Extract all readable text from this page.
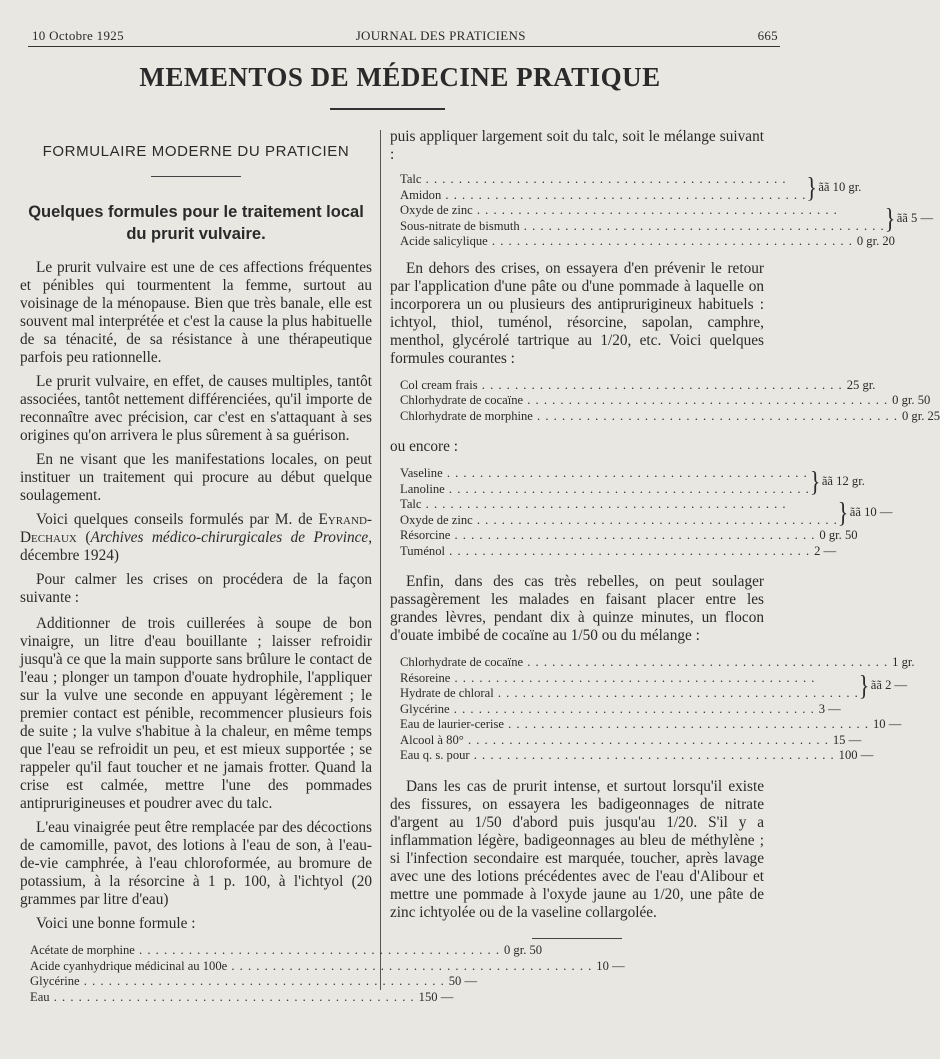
10 Octobre 1925	JOURNAL DES PRATICIENS	665
MEMENTOS DE MÉDECINE PRATIQUE
FORMULAIRE MODERNE DU PRATICIEN
Quelques formules pour le traitement local
du prurit vulvaire.

Le prurit vulvaire est une de ces affections fréquentes et pénibles qui tourmentent la femme, surtout au voisinage de la ménopause. Bien que très banale, elle est souvent mal interprétée et c'est la cause la plus habituelle de sa ténacité, de sa résistance à une thérapeutique parfois peu rationnelle.

Le prurit vulvaire, en effet, de causes multiples, tantôt associées, tantôt nettement différenciées, qu'il importe de reconnaître avec précision, car c'est en s'attaquant à ses origines qu'on arrivera le plus sûrement à sa guérison.

En ne visant que les manifestations locales, on peut instituer un traitement qui procure au début quelque soulagement.

Voici quelques conseils formulés par M. de Eyrand-Dechaux (Archives médico-chirurgicales de Province, décembre 1924)

Pour calmer les crises on procédera de la façon suivante :

Additionner de trois cuillerées à soupe de bon vinaigre, un litre d'eau bouillante ; laisser refroidir jusqu'à ce que la main supporte sans brûlure le contact de l'eau ; plonger un tampon d'ouate hydrophile, l'appliquer sur la vulve une seconde en appuyant légèrement ; le premier contact est pénible, recommencer plusieurs fois de suite ; la vulve s'habitue à la chaleur, en même temps que l'eau se refroidit un peu, et est mieux supportée ; se rappeler qu'il faut toucher et ne jamais frotter. Quand la crise est calmée, mettre l'une des pommades antiprurigineuses et poudrer avec du talc.

L'eau vinaigrée peut être remplacée par des décoctions de camomille, pavot, des lotions à l'eau de son, à l'eau-de-vie camphrée, à l'eau chloroformée, au bromure de potassium, à la résorcine à 1 p. 100, à l'ichtyol (20 grammes par litre d'eau)

Voici une bonne formule :

Acétate de morphine . . .	0 gr. 50
Acide cyanhydrique médicinal au 100e . . .	10 —
Glycérine . . .	50 —
Eau . . .	150 —

puis appliquer largement soit du talc, soit le mélange suivant :

Talc . . .
Amidon . . .	} ãã 10 gr.
Oxyde de zinc . . .
Sous-nitrate de bismuth . . .	} ãã 5 —
Acide salicylique . . .	0 gr. 20

En dehors des crises, on essayera d'en prévenir le retour par l'application d'une pâte ou d'une pommade à laquelle on incorporera un ou plusieurs des antiprurigineux habituels : ichtyol, thiol, tuménol, résorcine, sapolan, camphre, menthol, glycérolé tartrique au 1/20, etc. Voici quelques formules courantes :

Col cream frais . . .	25 gr.
Chlorhydrate de cocaïne . . .	0 gr. 50
Chlorhydrate de morphine . . .	0 gr. 25

ou encore :

Vaseline . . .
Lanoline . . .	} ãã 12 gr.
Talc . . .
Oxyde de zinc . . .	} ãã 10 —
Résorcine . . .	0 gr. 50
Tuménol . . .	2 —

Enfin, dans des cas très rebelles, on peut soulager passagèrement les malades en faisant placer entre les grandes lèvres, pendant dix à quinze minutes, un flocon d'ouate imbibé de cocaïne au 1/50 ou du mélange :

Chlorhydrate de cocaïne . . .	1 gr.
Résoreine . . .
Hydrate de chloral . . .	} ãã 2 —
Glycérine . . .	3 —
Eau de laurier-cerise . . .	10 —
Alcool à 80° . . .	15 —
Eau q. s. pour . . .	100 —

Dans les cas de prurit intense, et surtout lorsqu'il existe des fissures, on essayera les badigeonnages de nitrate d'argent au 1/50 d'abord puis jusqu'au 1/20. S'il y a inflammation légère, badigeonnages au bleu de méthylène ; si l'infection secondaire est marquée, toucher, après lavage avec une des lotions précédentes avec de l'eau d'Alibour et mettre une pommade à l'oxyde jaune au 1/20, une pâte de zinc ichtyolée ou de la vaseline collargolée.
